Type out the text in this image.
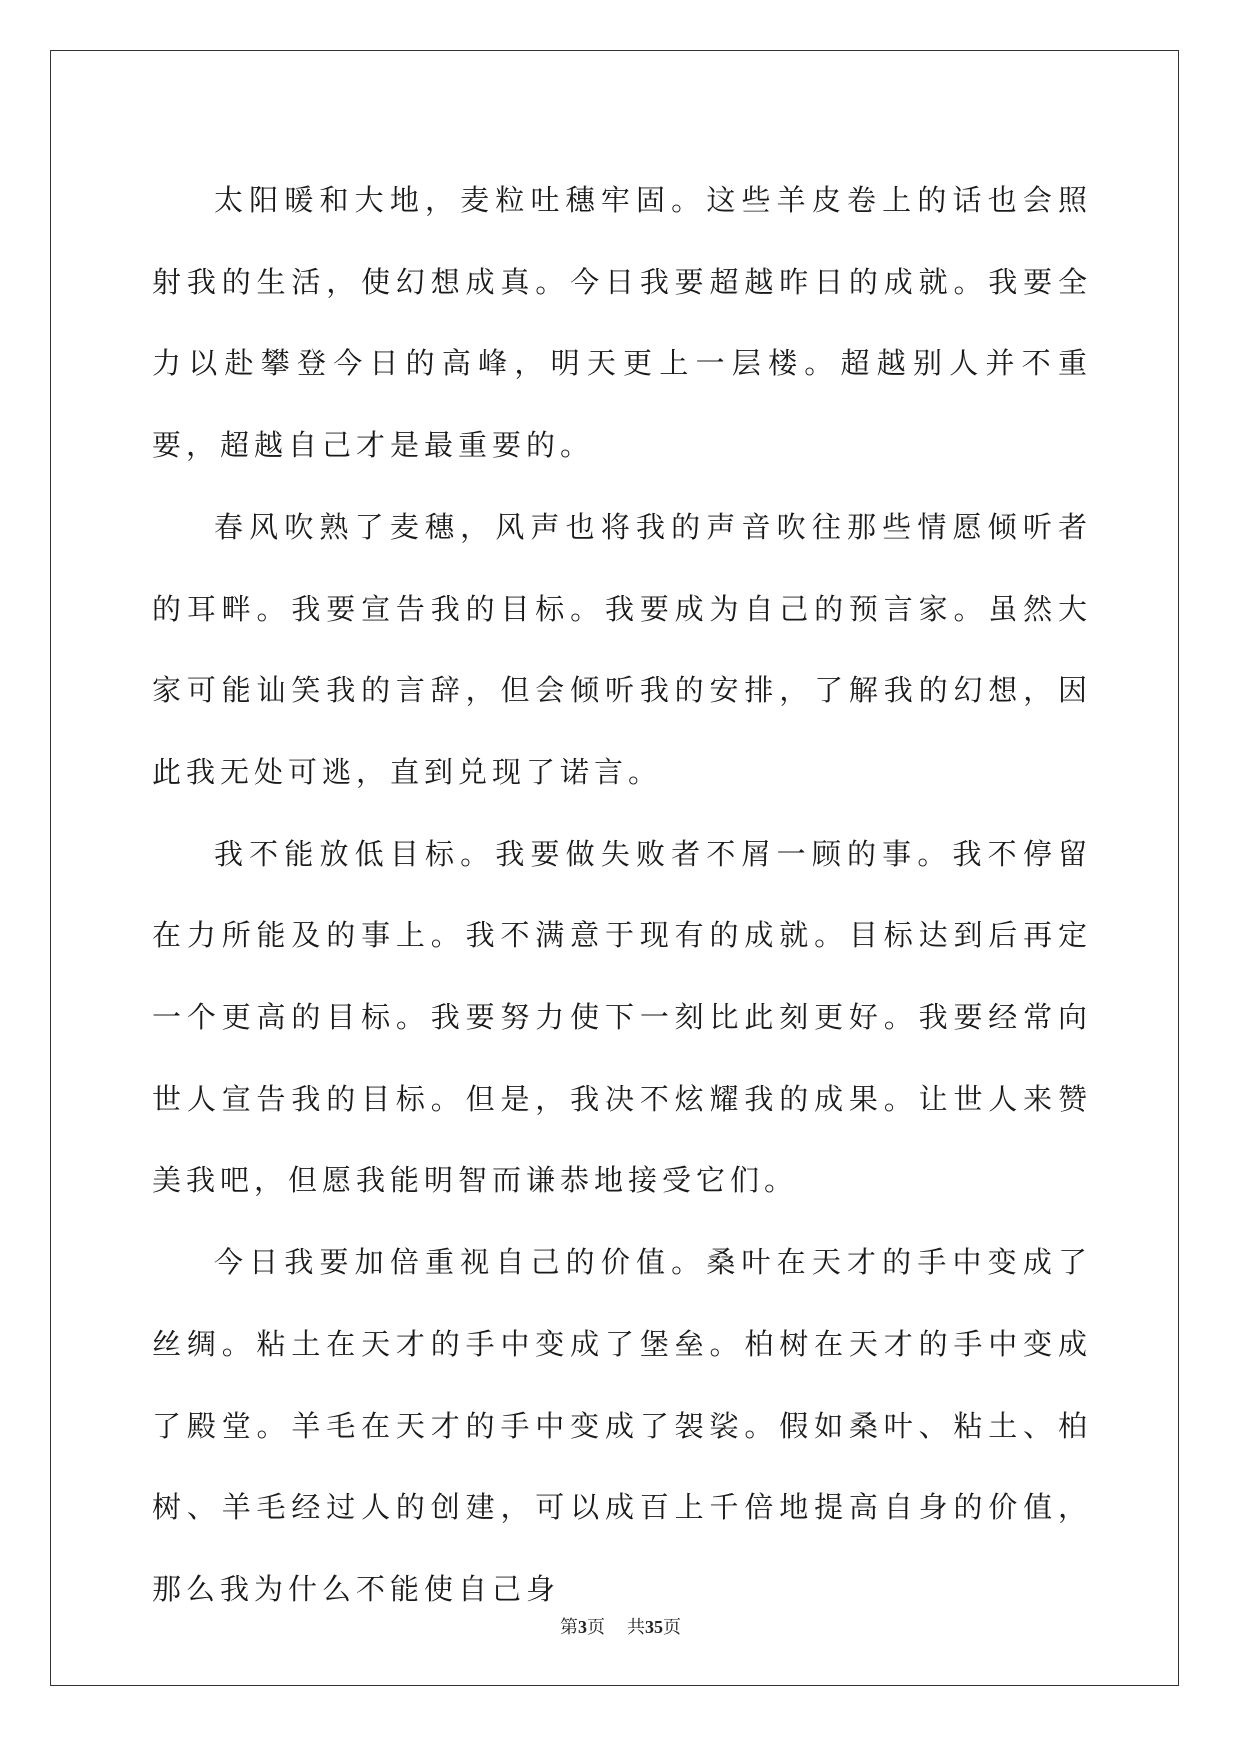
太阳暖和大地，麦粒吐穗牢固。这些羊皮卷上的话也会照射我的生活，使幻想成真。今日我要超越昨日的成就。我要全力以赴攀登今日的高峰，明天更上一层楼。超越别人并不重要，超越自己才是最重要的。

春风吹熟了麦穗，风声也将我的声音吹往那些情愿倾听者的耳畔。我要宣告我的目标。我要成为自己的预言家。虽然大家可能讪笑我的言辞，但会倾听我的安排，了解我的幻想，因此我无处可逃，直到兑现了诺言。

我不能放低目标。我要做失败者不屑一顾的事。我不停留在力所能及的事上。我不满意于现有的成就。目标达到后再定一个更高的目标。我要努力使下一刻比此刻更好。我要经常向世人宣告我的目标。但是，我决不炫耀我的成果。让世人来赞美我吧，但愿我能明智而谦恭地接受它们。

今日我要加倍重视自己的价值。桑叶在天才的手中变成了丝绸。粘土在天才的手中变成了堡垒。柏树在天才的手中变成了殿堂。羊毛在天才的手中变成了袈裟。假如桑叶、粘土、柏树、羊毛经过人的创建，可以成百上千倍地提高自身的价值，那么我为什么不能使自己身

第3页 共35页
